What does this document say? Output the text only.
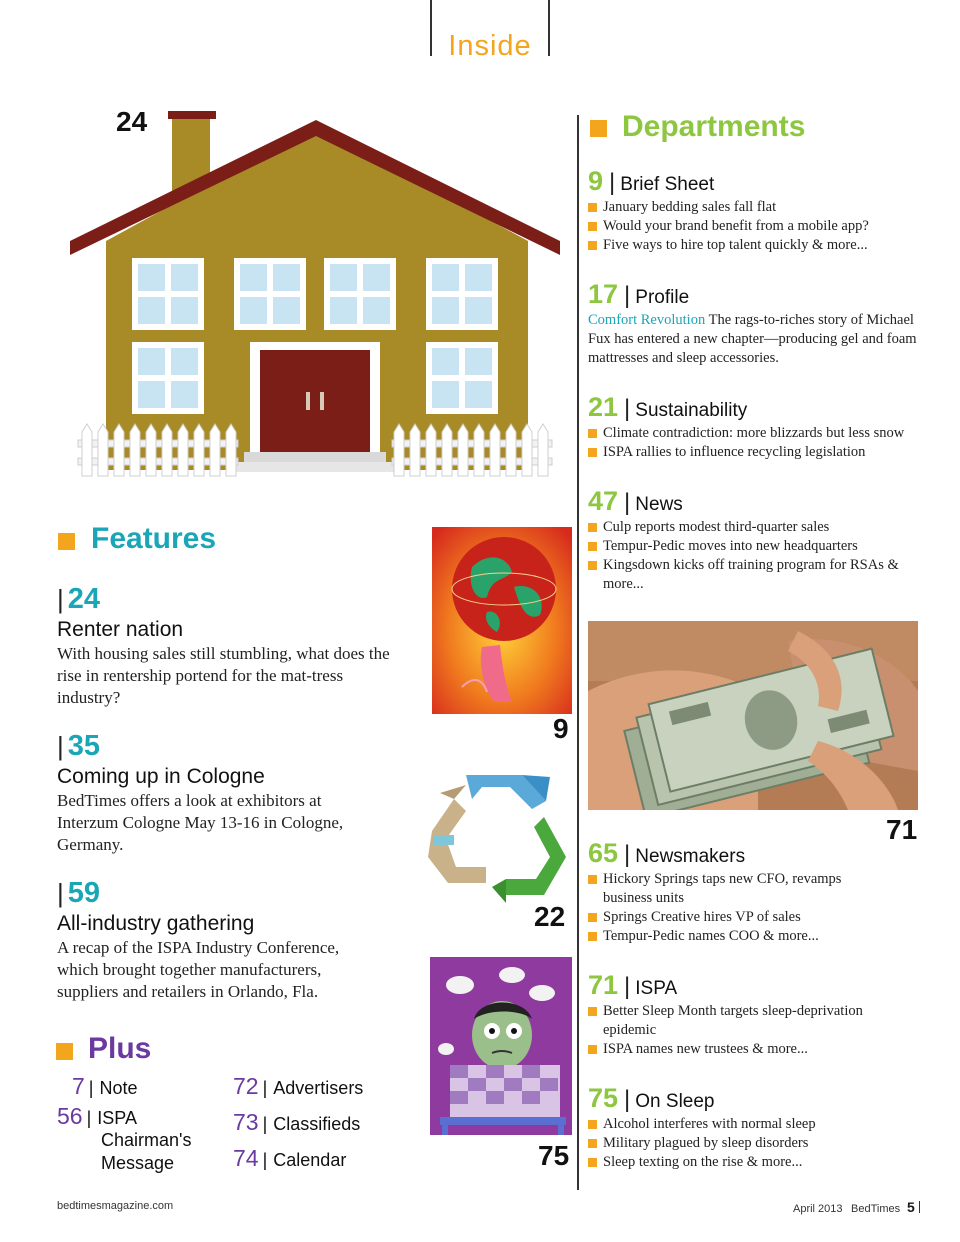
Inside
24	Departments
9 | Brief Sheet
January bedding sales fall flat
Would your brand benefit from a mobile app?
Five ways to hire top talent quickly & more...
17 | Profile
Comfort Revolution The rags-to-riches story of Michael Fux has entered a new chapter—producing gel and foam mattresses and sleep accessories.
21 | Sustainability
Climate contradiction: more blizzards but less snow
ISPA rallies to influence recycling legislation
47 | News
Culp reports modest third-quarter sales
Tempur-Pedic moves into new headquarters
Kingsdown kicks off training program for RSAs & more...
71
65 | Newsmakers
Hickory Springs taps new CFO, revamps business units
Springs Creative hires VP of sales
Tempur-Pedic names COO & more...
71 | ISPA
Better Sleep Month targets sleep-deprivation epidemic
ISPA names new trustees & more...
75 | On Sleep
Alcohol interferes with normal sleep
Military plagued by sleep disorders
Sleep texting on the rise & more...
9
22
75
Features
| 24
Renter nation
With housing sales still stumbling, what does the rise in rentership portend for the mat-tress industry?
| 35
Coming up in Cologne
BedTimes offers a look at exhibitors at Interzum Cologne May 13-16 in Cologne, Germany.
| 59
All-industry gathering
A recap of the ISPA Industry Conference, which brought together manufacturers, suppliers and retailers in Orlando, Fla.
Plus
7 | Note
56 | ISPA
Chairman's
Message
72 | Advertisers
73 | Classifieds
74 | Calendar
bedtimesmagazine.com	April 2013 BedTimes 5
